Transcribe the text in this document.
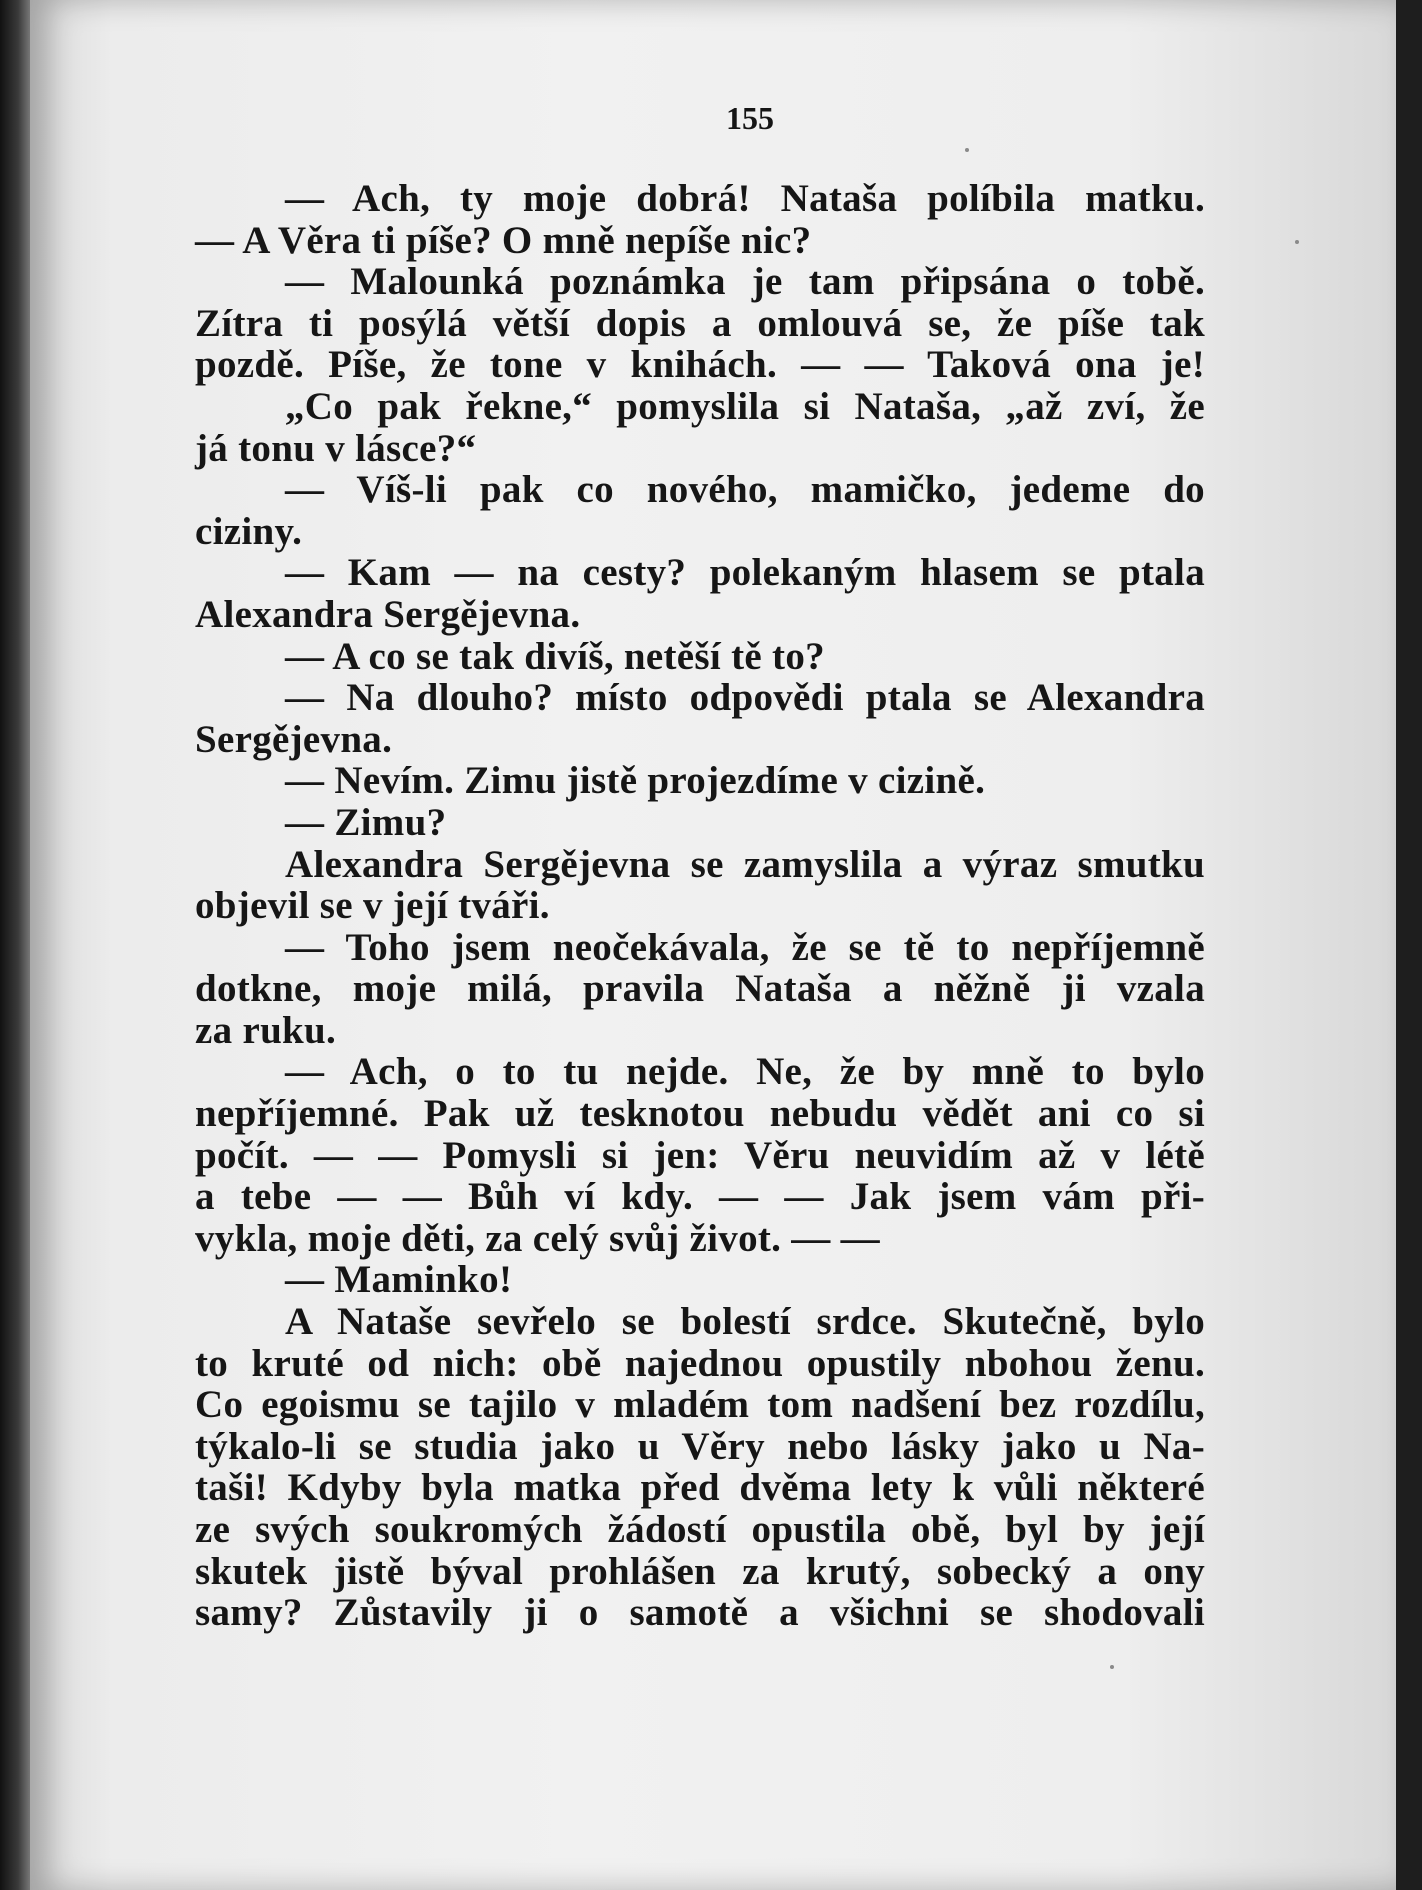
155
— Ach, ty moje dobrá! Nataša políbila matku.
— A Věra ti píše? O mně nepíše nic?
— Malounká poznámka je tam připsána o tobě.
Zítra ti posýlá větší dopis a omlouvá se, že píše tak
pozdě. Píše, že tone v knihách. — — Taková ona je!
„Co pak řekne,“ pomyslila si Nataša, „až zví, že
já tonu v lásce?“
— Víš-li pak co nového, mamičko, jedeme do
ciziny.
— Kam — na cesty? polekaným hlasem se ptala
Alexandra Sergějevna.
— A co se tak divíš, netěší tě to?
— Na dlouho? místo odpovědi ptala se Alexandra
Sergějevna.
— Nevím. Zimu jistě projezdíme v cizině.
— Zimu?
Alexandra Sergějevna se zamyslila a výraz smutku
objevil se v její tváři.
— Toho jsem neočekávala, že se tě to nepříjemně
dotkne, moje milá, pravila Nataša a něžně ji vzala
za ruku.
— Ach, o to tu nejde. Ne, že by mně to bylo
nepříjemné. Pak už tesknotou nebudu vědět ani co si
počít. — — Pomysli si jen: Věru neuvidím až v létě
a tebe — — Bůh ví kdy. — — Jak jsem vám při-
vykla, moje děti, za celý svůj život. — —
— Maminko!
A Nataše sevřelo se bolestí srdce. Skutečně, bylo
to kruté od nich: obě najednou opustily nbohou ženu.
Co egoismu se tajilo v mladém tom nadšení bez rozdílu,
týkalo-li se studia jako u Věry nebo lásky jako u Na-
taši! Kdyby byla matka před dvěma lety k vůli některé
ze svých soukromých žádostí opustila obě, byl by její
skutek jistě býval prohlášen za krutý, sobecký a ony
samy? Zůstavily ji o samotě a všichni se shodovali
